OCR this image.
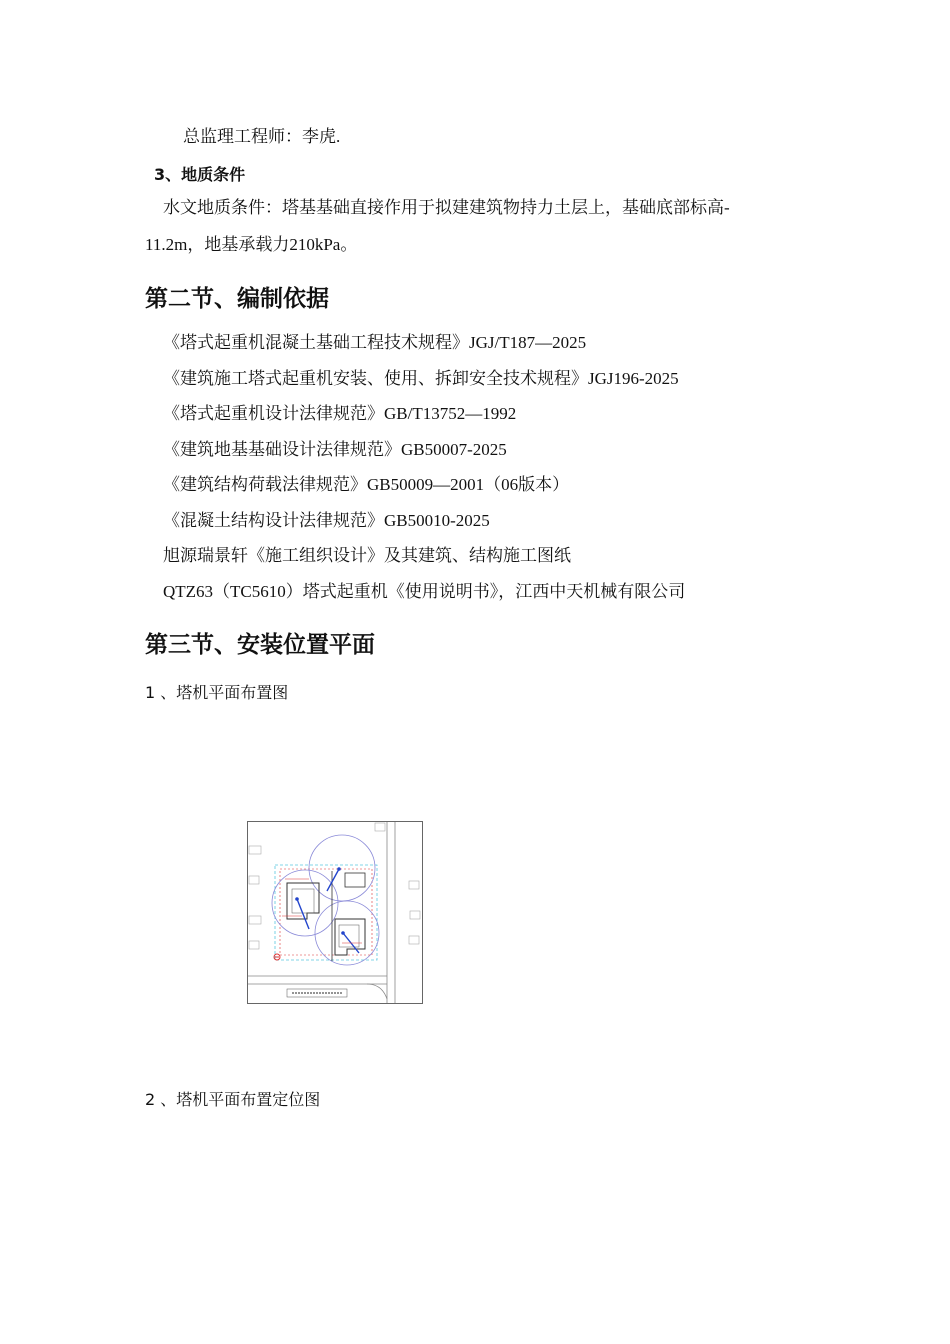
总监理工程师：李虎.
3、地质条件
水文地质条件：塔基基础直接作用于拟建建筑物持力土层上，基础底部标高-
11.2m，地基承载力210kPa。
第二节、编制依据
《塔式起重机混凝土基础工程技术规程》JGJ/T187—2025
《建筑施工塔式起重机安装、使用、拆卸安全技术规程》JGJ196-2025
《塔式起重机设计法律规范》GB/T13752—1992
《建筑地基基础设计法律规范》GB50007-2025
《建筑结构荷载法律规范》GB50009—2001（06版本）
《混凝土结构设计法律规范》GB50010-2025
旭源瑞景轩《施工组织设计》及其建筑、结构施工图纸
QTZ63（TC5610）塔式起重机《使用说明书》，江西中天机械有限公司
第三节、安装位置平面
1 、塔机平面布置图
2 、塔机平面布置定位图
